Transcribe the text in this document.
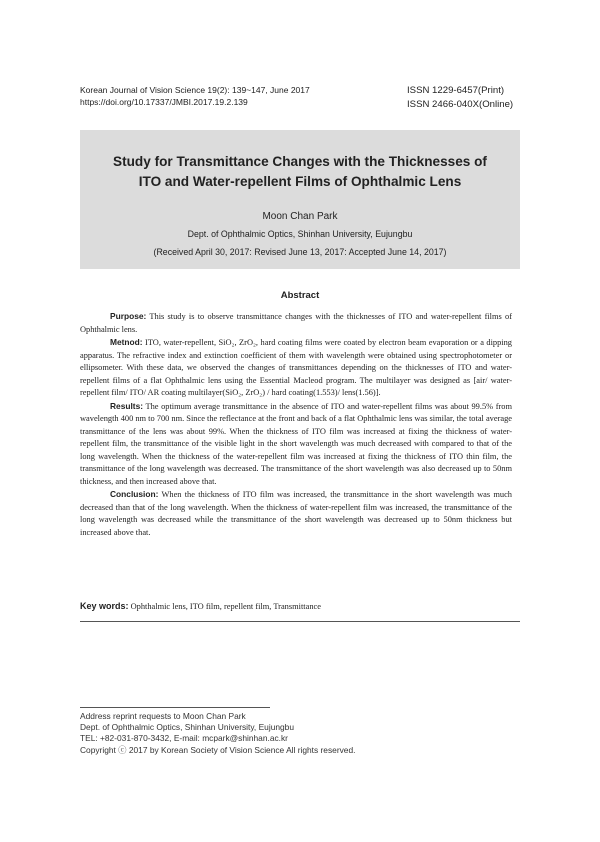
Korean Journal of Vision Science 19(2): 139~147, June 2017
https://doi.org/10.17337/JMBI.2017.19.2.139
ISSN 1229-6457(Print)
ISSN 2466-040X(Online)
Study for Transmittance Changes with the Thicknesses of
ITO and Water-repellent Films of Ophthalmic Lens
Moon Chan Park
Dept. of Ophthalmic Optics, Shinhan University, Eujungbu
(Received April 30, 2017: Revised June 13, 2017: Accepted June 14, 2017)
Abstract

Purpose: This study is to observe transmittance changes with the thicknesses of ITO and water-repellent films of Ophthalmic lens.

Metnod: ITO, water-repellent, SiO₂, ZrO₂, hard coating films were coated by electron beam evaporation or a dipping apparatus. The refractive index and extinction coefficient of them with wavelength were obtained using spectrophotometer or ellipsometer. With these data, we observed the changes of transmittances depending on the thicknesses of ITO and water-repellent films of a flat Ophthalmic lens using the Essential Macleod program. The multilayer was designed as [air/ water-repellent film/ ITO/ AR coating multilayer(SiO₂, ZrO₂) / hard coating(1.553)/ lens(1.56)].

Results: The optimum average transmittance in the absence of ITO and water-repellent films was about 99.5% from wavelength 400 nm to 700 nm. Since the reflectance at the front and back of a flat Ophthalmic lens was similar, the total average transmittance of the lens was about 99%. When the thickness of ITO film was increased at fixing the thickness of water-repellent film, the transmittance of the visible light in the short wavelength was much decreased with compared to that of the long wavelength. When the thickness of the water-repellent film was increased at fixing the thickness of ITO thin film, the transmittance of the long wavelength was decreased. The transmittance of the short wavelength was also decreased up to 50nm thickness, and then increased above that.

Conclusion: When the thickness of ITO film was increased, the transmittance in the short wavelength was much decreased than that of the long wavelength. When the thickness of water-repellent film was increased, the transmittance of the long wavelength was decreased while the transmittance of the short wavelength was decreased up to 50nm thickness but increased above that.

Key words: Ophthalmic lens, ITO film, repellent film, Transmittance
Address reprint requests to Moon Chan Park
Dept. of Ophthalmic Optics, Shinhan University, Eujungbu
TEL: +82-031-870-3432, E-mail: mcpark@shinhan.ac.kr
Copyright ⓒ 2017 by Korean Society of Vision Science All rights reserved.
